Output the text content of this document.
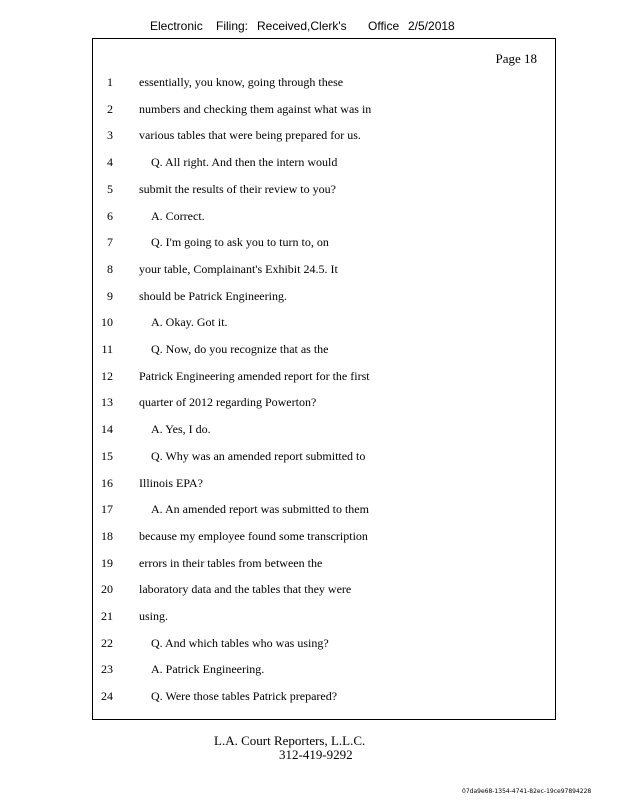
Electronic Filing: Received,Clerk's Office 2/5/2018
Page 18
1 essentially, you know, going through these
2 numbers and checking them against what was in
3 various tables that were being prepared for us.
4	Q. All right. And then the intern would
5 submit the results of their review to you?
6	A. Correct.
7	Q. I'm going to ask you to turn to, on
8 your table, Complainant's Exhibit 24.5. It
9 should be Patrick Engineering.
10	A. Okay. Got it.
11	Q. Now, do you recognize that as the
12 Patrick Engineering amended report for the first
13 quarter of 2012 regarding Powerton?
14	A. Yes, I do.
15	Q. Why was an amended report submitted to
16 Illinois EPA?
17	A. An amended report was submitted to them
18 because my employee found some transcription
19 errors in their tables from between the
20 laboratory data and the tables that they were
21 using.
22	Q. And which tables who was using?
23	A. Patrick Engineering.
24	Q. Were those tables Patrick prepared?
L.A. Court Reporters, L.L.C.
312-419-9292
07da9e68-1354-4741-82ec-19ce97894228
